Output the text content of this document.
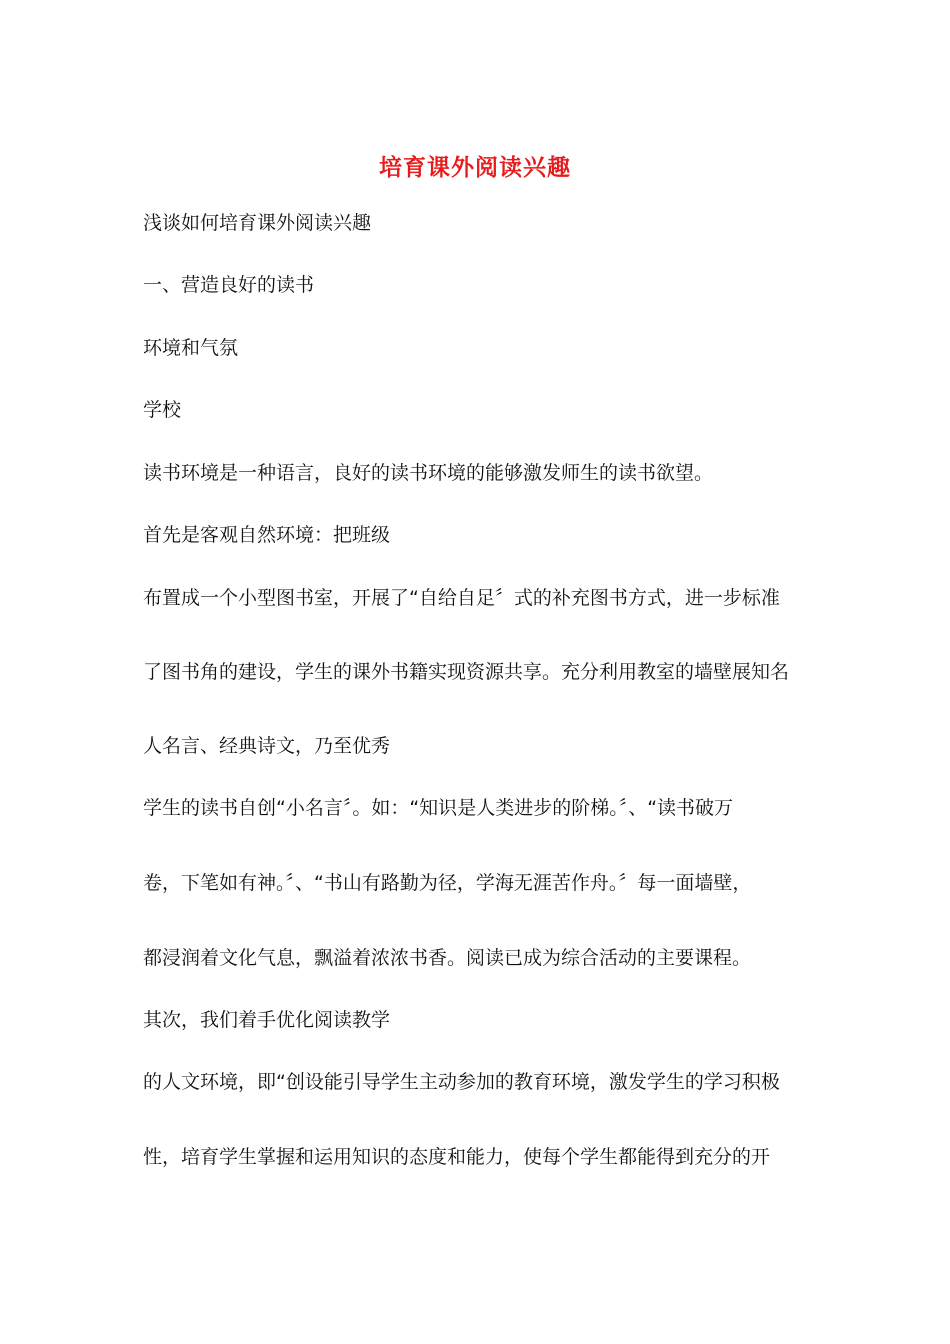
培育课外阅读兴趣
浅谈如何培育课外阅读兴趣
一、营造良好的读书
环境和气氛
学校
读书环境是一种语言，良好的读书环境的能够激发师生的读书欲望。
首先是客观自然环境：把班级
布置成一个小型图书室，开展了“自给自足〞式的补充图书方式，进一步标准
了图书角的建设，学生的课外书籍实现资源共享。充分利用教室的墙壁展知名
人名言、经典诗文，乃至优秀
学生的读书自创“小名言〞。如：“知识是人类进步的阶梯。〞、“读书破万
卷，下笔如有神。〞、“书山有路勤为径，学海无涯苦作舟。〞每一面墙壁，
都浸润着文化气息，飘溢着浓浓书香。阅读已成为综合活动的主要课程。
其次，我们着手优化阅读教学
的人文环境，即“创设能引导学生主动参加的教育环境，激发学生的学习积极
性，培育学生掌握和运用知识的态度和能力，使每个学生都能得到充分的开
